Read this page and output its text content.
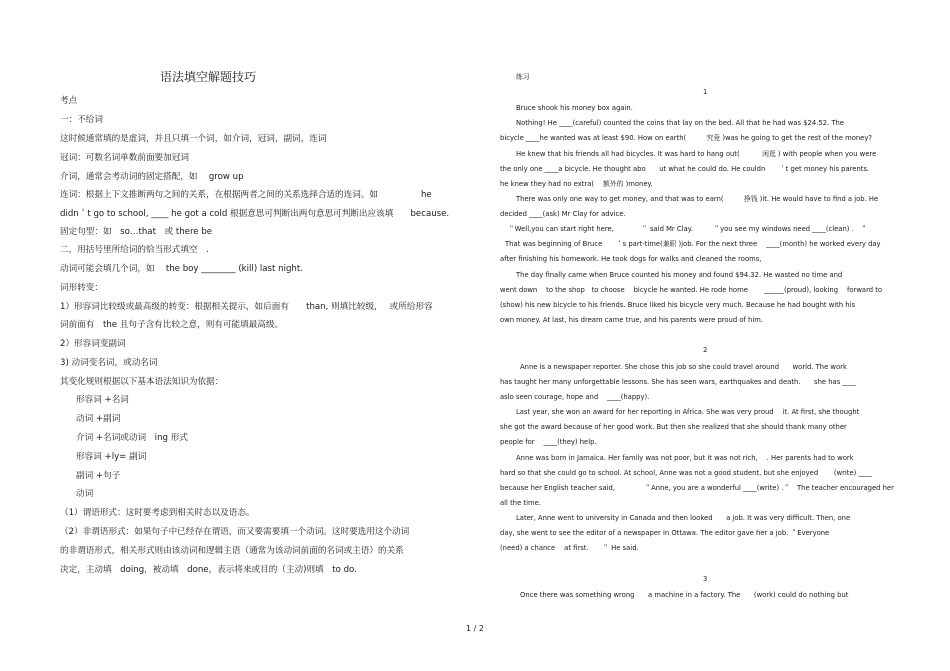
语法填空解题技巧
考点
一：不给词
这时候通常填的是虚词，并且只填一个词，如介词，冠词，副词，连词
冠词：可数名词单数前面要加冠词
介词，通常会考动词的固定搭配，如　 grow up
连词：根据上下文推断两句之间的关系，在根据两者之间的关系选择合适的连词。如　　　　　he
didn＇t go to school, ____ he got a cold 根据意思可判断出两句意思可判断出应该填　　because.
固定句型：如　so…that　或 there be
二，用括号里所给词的恰当形式填空　.
动词可能会填几个词，如　 the boy ________ (kill) last night.
词形转变：
1）形容词比较级或最高级的转变：根据相关提示，如后面有　　than, 则填比较级，　 或所给形容
词前面有　the 且句子含有比较之意，则有可能填最高级。
2）形容词变副词
3) 动词变名词，或动名词
其变化规则根据以下基本语法知识为依据：
形容词 +名词
动词 +副词
介词 +名词或动词　ing 形式
形容词 +ly= 副词
副词 +句子
动词
（1）谓语形式：这时要考虑到相关时态以及语态。
（2）非谓语形式：如果句子中已经存在谓语，而又要需要填一个动词。这时要选用这个动词
的非谓语形式，相关形式则由该动词和逻辑主语（通常为该动词前面的名词或主语）的关系
决定，主动填　doing，被动填　done，表示将来或目的（主动)则填　to do.
练习
1
Bruce shook his money box again.
Nothing! He ____(careful) counted the coins that lay on the bed. All that he had was $24.52. The
bicycle ____he wanted was at least $90. How on earth(　　　究竟 )was he going to get the rest of the money?
He knew that his friends all had bicycles. It was hard to hang out(　　　 闲逛 ) with people when you were
the only one ____a bicycle. He thought abo　　ut what he could do. He couldn　　＇t get money his parents.
he knew they had no extra(　 额外的 )money.
There was only one way to get money, and that was to earn(　　　挣钱 )it. He would have to find a job. He
decided ____(ask) Mr Clay for advice.
＂Well,you can start right here,　　　　＂ said Mr Clay.　　　＂you see my windows need ____(clean) .　＂
That was beginning of Bruce　　＇s part-time(兼职 )job. For the next three　 ____(month) he worked every day
after finishing his homework. He took dogs for walks and cleaned the rooms,
The day finally came when Bruce counted his money and found $94.32. He wasted no time and
went down　 to the shop　to choose　 bicycle he wanted. He rode home　　 ______(proud), looking　 forward to
(show) his new bicycle to his friends. Bruce liked his bicycle very much. Because he had bought with his
own money. At last, his dream came true, and his parents were proud of him.
2
Anne is a newspaper reporter. She chose this job so she could travel around　　world. The work
has taught her many unforgettable lessons. She has seen wars, earthquakes and death.　　she has ____
aslo seen courage, hope and　 ____(happy).
Last year, she won an award for her reporting in Africa. She was very proud　 it. At first, she thought
she got the award because of her good work. But then she realized that she should thank many other
people for　 ____(they) help.
Anne was born in Jamaica. Her family was not poor, but it was not rich,　 . Her parents had to work
hard so that she could go to school. At school, Anne was not a good student, but she enjoyed　　 (write) ____
because her English teacher said,　　　　 ＂Anne, you are a wonderful ____(write) .＂　The teacher encouraged her
all the time.
Later, Anne went to university in Canada and then looked　　a job. It was very difficult. Then, one
day, she went to see the editor of a newspaper in Ottawa. The editor gave her a job. ＂Everyone
(need) a chance　 at first.　　＂ He said.
3
Once there was something wrong　　a machine in a factory. The　　(work) could do nothing but
1 / 2
